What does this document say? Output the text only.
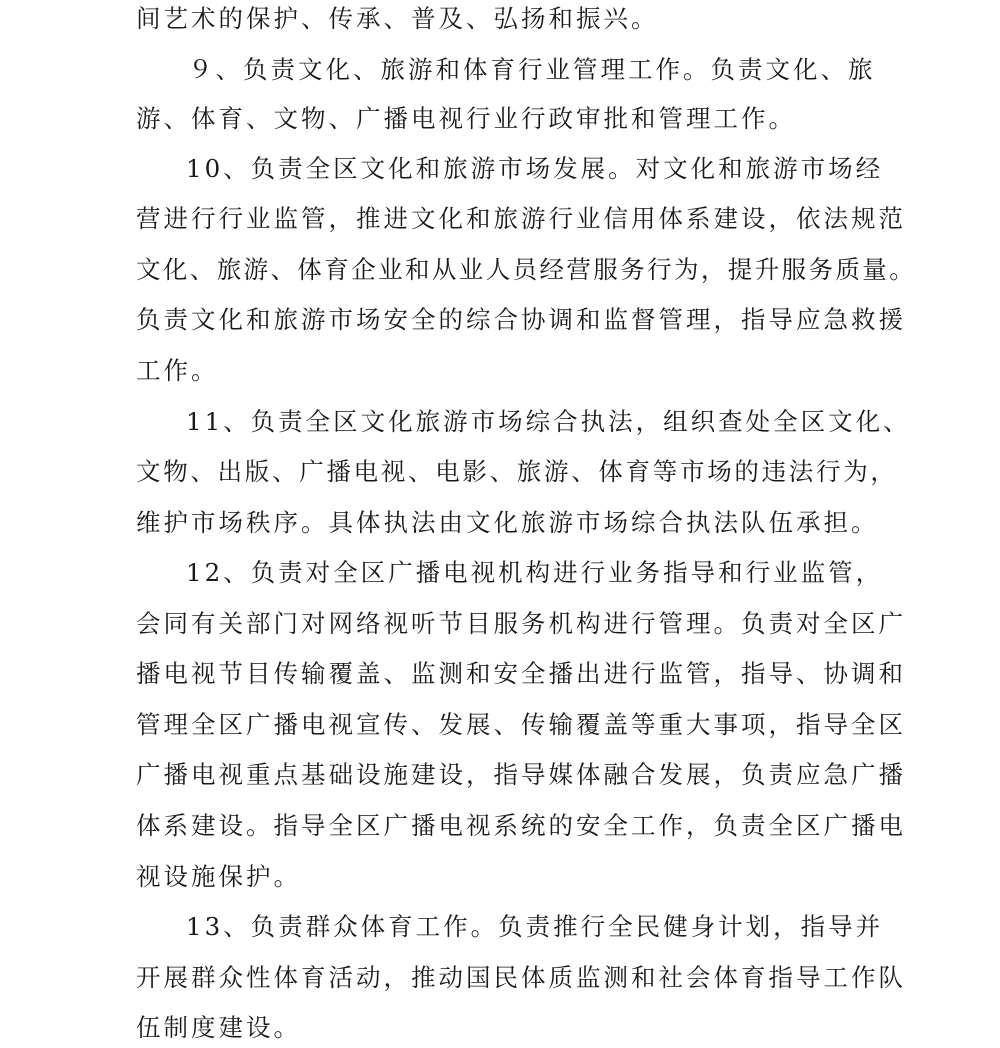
间艺术的保护、传承、普及、弘扬和振兴。
９、负责文化、旅游和体育行业管理工作。负责文化、旅
游、体育、文物、广播电视行业行政审批和管理工作。
10、负责全区文化和旅游市场发展。对文化和旅游市场经
营进行行业监管，推进文化和旅游行业信用体系建设，依法规范
文化、旅游、体育企业和从业人员经营服务行为，提升服务质量。
负责文化和旅游市场安全的综合协调和监督管理，指导应急救援
工作。
11、负责全区文化旅游市场综合执法，组织查处全区文化、
文物、出版、广播电视、电影、旅游、体育等市场的违法行为，
维护市场秩序。具体执法由文化旅游市场综合执法队伍承担。
12、负责对全区广播电视机构进行业务指导和行业监管，
会同有关部门对网络视听节目服务机构进行管理。负责对全区广
播电视节目传输覆盖、监测和安全播出进行监管，指导、协调和
管理全区广播电视宣传、发展、传输覆盖等重大事项，指导全区
广播电视重点基础设施建设，指导媒体融合发展，负责应急广播
体系建设。指导全区广播电视系统的安全工作，负责全区广播电
视设施保护。
13、负责群众体育工作。负责推行全民健身计划，指导并
开展群众性体育活动，推动国民体质监测和社会体育指导工作队
伍制度建设。
